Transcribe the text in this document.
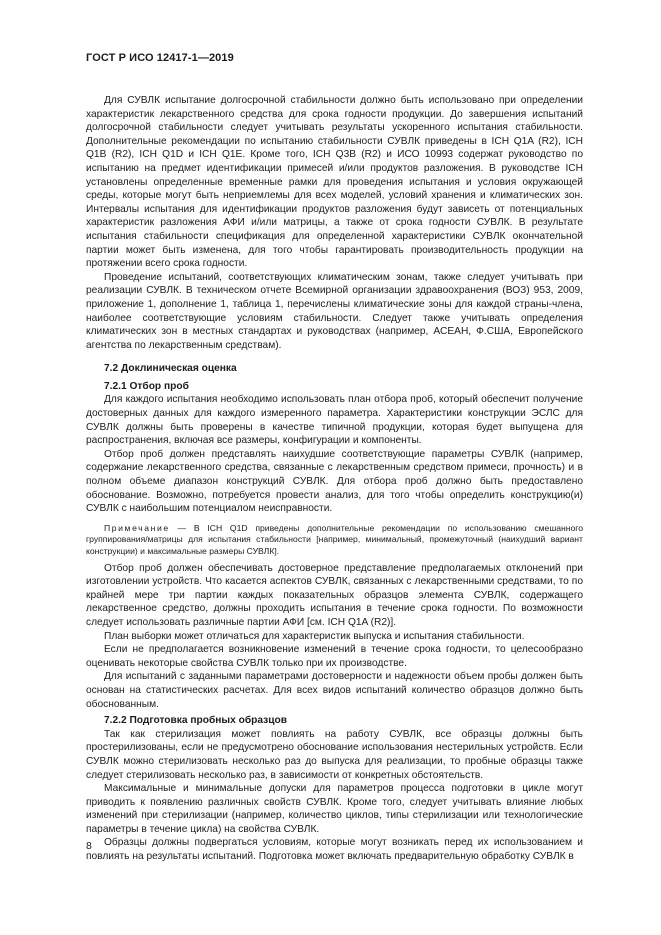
ГОСТ Р ИСО 12417-1—2019

Для СУВЛК испытание долгосрочной стабильности должно быть использовано при определении характеристик лекарственного средства для срока годности продукции. До завершения испытаний долгосрочной стабильности следует учитывать результаты ускоренного испытания стабильности. Дополнительные рекомендации по испытанию стабильности СУВЛК приведены в ICH Q1A (R2), ICH Q1B (R2), ICH Q1D и ICH Q1E. Кроме того, ICH Q3B (R2) и ИСО 10993 содержат руководство по испытанию на предмет идентификации примесей и/или продуктов разложения. В руководстве ICH установлены определенные временные рамки для проведения испытания и условия окружающей среды, которые могут быть неприемлемы для всех моделей, условий хранения и климатических зон. Интервалы испытания для идентификации продуктов разложения будут зависеть от потенциальных характеристик разложения АФИ и/или матрицы, а также от срока годности СУВЛК. В результате испытания стабильности спецификация для определенной характеристики СУВЛК окончательной партии может быть изменена, для того чтобы гарантировать производительность продукции на протяжении всего срока годности.

Проведение испытаний, соответствующих климатическим зонам, также следует учитывать при реализации СУВЛК. В техническом отчете Всемирной организации здравоохранения (ВОЗ) 953, 2009, приложение 1, дополнение 1, таблица 1, перечислены климатические зоны для каждой страны-члена, наиболее соответствующие условиям стабильности. Следует также учитывать определения климатических зон в местных стандартах и руководствах (например, АСЕАН, Ф.США, Европейского агентства по лекарственным средствам).

7.2 Доклиническая оценка
7.2.1 Отбор проб

Для каждого испытания необходимо использовать план отбора проб, который обеспечит получение достоверных данных для каждого измеренного параметра. Характеристики конструкции ЭСЛС для СУВЛК должны быть проверены в качестве типичной продукции, которая будет выпущена для распространения, включая все размеры, конфигурации и компоненты.

Отбор проб должен представлять наихудшие соответствующие параметры СУВЛК (например, содержание лекарственного средства, связанные с лекарственным средством примеси, прочность) и в полном объеме диапазон конструкций СУВЛК. Для отбора проб должно быть предоставлено обоснование. Возможно, потребуется провести анализ, для того чтобы определить конструкцию(и) СУВЛК с наибольшим потенциалом неисправности.

Примечание — В ICH Q1D приведены дополнительные рекомендации по использованию смешанного группирования/матрицы для испытания стабильности [например, минимальный, промежуточный (наихудший вариант конструкции) и максимальные размеры СУВЛК].

Отбор проб должен обеспечивать достоверное представление предполагаемых отклонений при изготовлении устройств. Что касается аспектов СУВЛК, связанных с лекарственными средствами, то по крайней мере три партии каждых показательных образцов элемента СУВЛК, содержащего лекарственное средство, должны проходить испытания в течение срока годности. По возможности следует использовать различные партии АФИ [см. ICH Q1A (R2)].

План выборки может отличаться для характеристик выпуска и испытания стабильности.

Если не предполагается возникновение изменений в течение срока годности, то целесообразно оценивать некоторые свойства СУВЛК только при их производстве.

Для испытаний с заданными параметрами достоверности и надежности объем пробы должен быть основан на статистических расчетах. Для всех видов испытаний количество образцов должно быть обоснованным.

7.2.2 Подготовка пробных образцов

Так как стерилизация может повлиять на работу СУВЛК, все образцы должны быть простерилизованы, если не предусмотрено обоснование использования нестерильных устройств. Если СУВЛК можно стерилизовать несколько раз до выпуска для реализации, то пробные образцы также следует стерилизовать несколько раз, в зависимости от конкретных обстоятельств.

Максимальные и минимальные допуски для параметров процесса подготовки в цикле могут приводить к появлению различных свойств СУВЛК. Кроме того, следует учитывать влияние любых изменений при стерилизации (например, количество циклов, типы стерилизации или технологические параметры в течение цикла) на свойства СУВЛК.

Образцы должны подвергаться условиям, которые могут возникать перед их использованием и повлиять на результаты испытаний. Подготовка может включать предварительную обработку СУВЛК в

8
